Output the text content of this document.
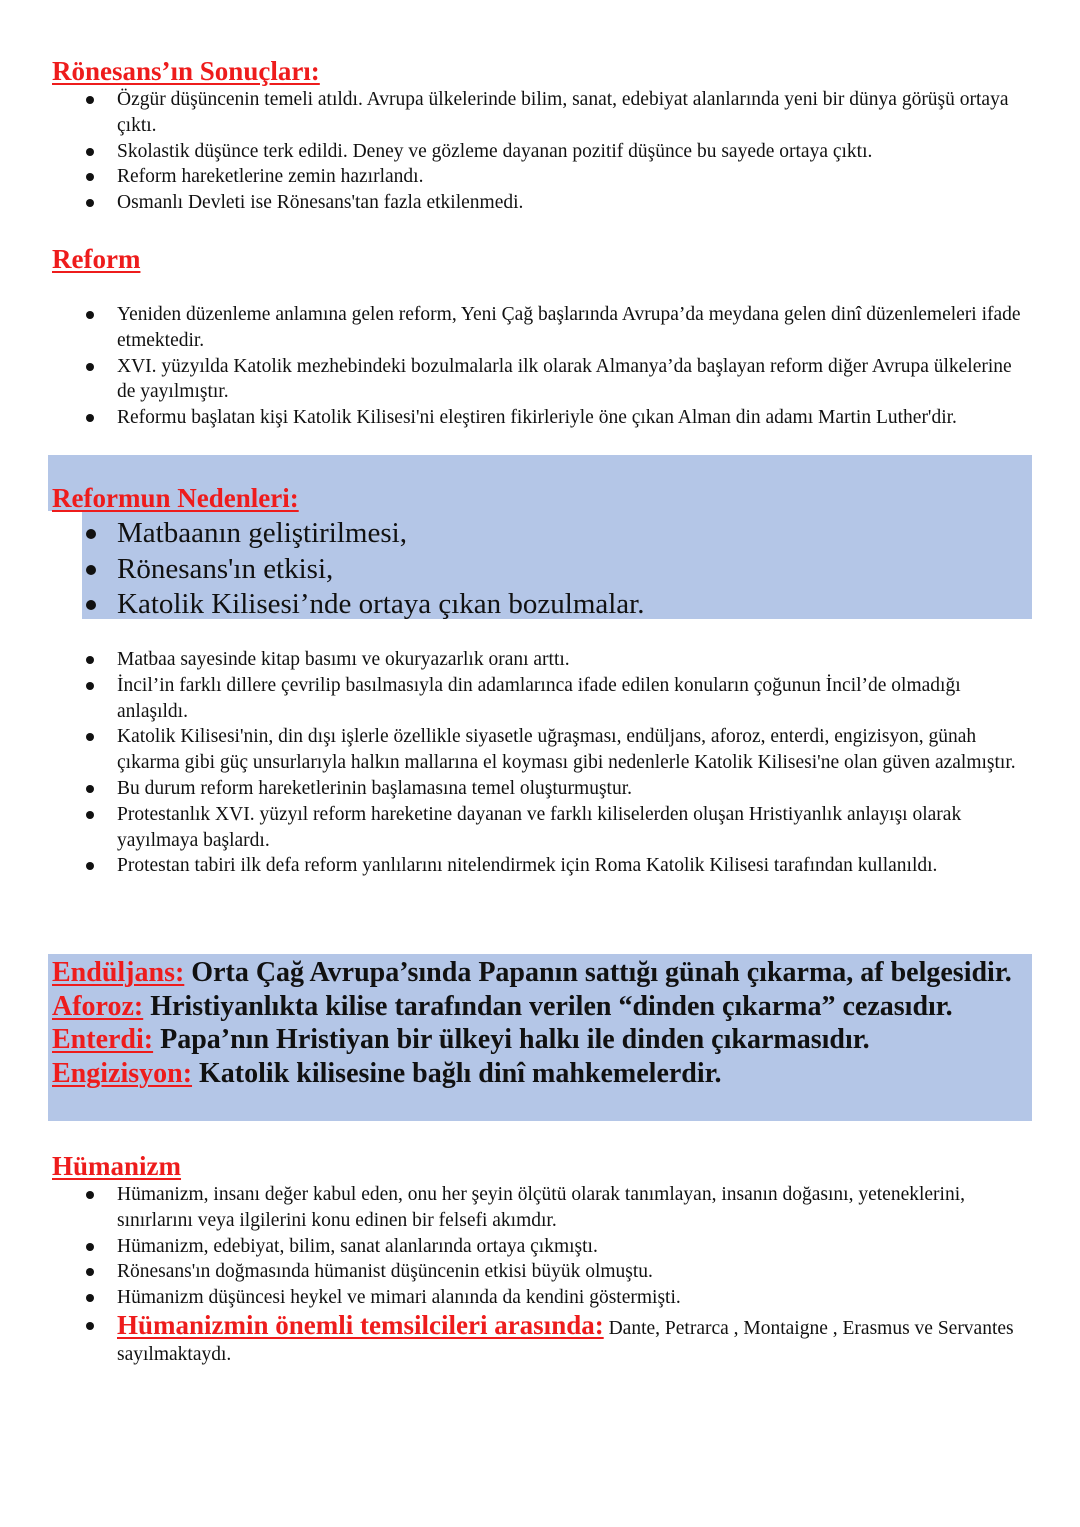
Rönesans’ın Sonuçları:
Özgür düşüncenin temeli atıldı. Avrupa ülkelerinde bilim, sanat, edebiyat alanlarında yeni bir dünya görüşü ortaya çıktı.
Skolastik düşünce terk edildi. Deney ve gözleme dayanan pozitif düşünce bu sayede ortaya çıktı.
Reform hareketlerine zemin hazırlandı.
Osmanlı Devleti ise Rönesans'tan fazla etkilenmedi.
Reform
Yeniden düzenleme anlamına gelen reform, Yeni Çağ başlarında Avrupa’da meydana gelen dinî düzenlemeleri ifade etmektedir.
XVI. yüzyılda Katolik mezhebindeki bozulmalarla ilk olarak Almanya’da başlayan reform diğer Avrupa ülkelerine de yayılmıştır.
Reformu başlatan kişi Katolik Kilisesi'ni eleştiren fikirleriyle öne çıkan Alman din adamı Martin Luther'dir.
Reformun Nedenleri:
Matbaanın geliştirilmesi,
Rönesans'ın etkisi,
Katolik Kilisesi’nde ortaya çıkan bozulmalar.
Matbaa sayesinde kitap basımı ve okuryazarlık oranı arttı.
İncil’in farklı dillere çevrilip basılmasıyla din adamlarınca ifade edilen konuların çoğunun İncil’de olmadığı anlaşıldı.
Katolik Kilisesi'nin, din dışı işlerle özellikle siyasetle uğraşması, endüljans, aforoz, enterdi, engizisyon, günah çıkarma gibi güç unsurlarıyla halkın mallarına el koyması gibi nedenlerle Katolik Kilisesi'ne olan güven azalmıştır.
Bu durum reform hareketlerinin başlamasına temel oluşturmuştur.
Protestanlık XVI. yüzyıl reform hareketine dayanan ve farklı kiliselerden oluşan Hristiyanlık anlayışı olarak yayılmaya başlardı.
Protestan tabiri ilk defa reform yanlılarını nitelendirmek için Roma Katolik Kilisesi tarafından kullanıldı.

Endüljans: Orta Çağ Avrupa’sında Papanın sattığı günah çıkarma, af belgesidir.

Aforoz: Hristiyanlıkta kilise tarafından verilen “dinden çıkarma” cezasıdır.

Enterdi: Papa’nın Hristiyan bir ülkeyi halkı ile dinden çıkarmasıdır.

Engizisyon: Katolik kilisesine bağlı dinî mahkemelerdir.

Hümanizm
Hümanizm, insanı değer kabul eden, onu her şeyin ölçütü olarak tanımlayan, insanın doğasını, yeteneklerini, sınırlarını veya ilgilerini konu edinen bir felsefi akımdır.
Hümanizm, edebiyat, bilim, sanat alanlarında ortaya çıkmıştı.
Rönesans'ın doğmasında hümanist düşüncenin etkisi büyük olmuştu.
Hümanizm düşüncesi heykel ve mimari alanında da kendini göstermişti.
Hümanizmin önemli temsilcileri arasında: Dante, Petrarca , Montaigne , Erasmus ve Servantes sayılmaktaydı.
